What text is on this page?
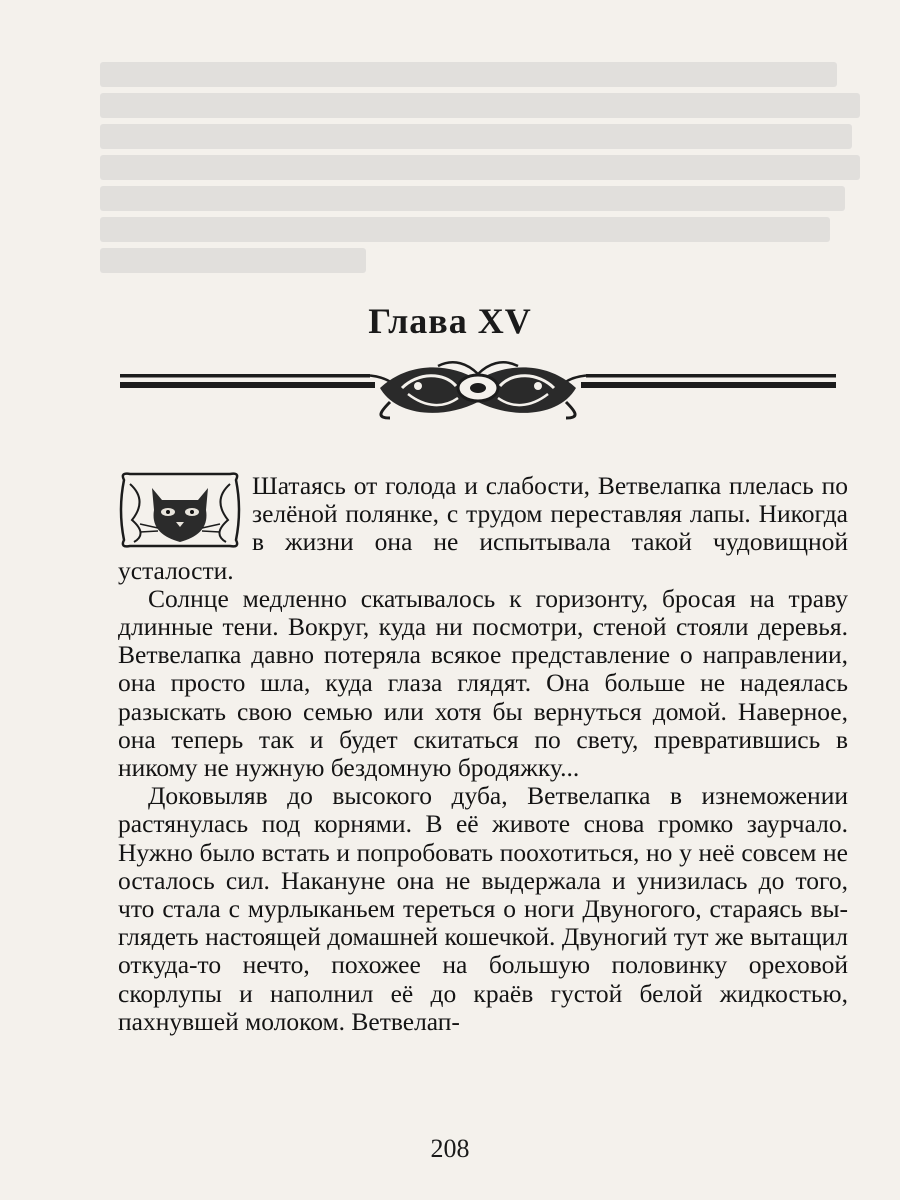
Глава XV

Шатаясь от голода и слабости, Ветвелапка плелась по зелёной полянке, с трудом переставляя лапы. Никогда в жизни она не испытывала такой чудовищной усталости.

Солнце медленно скатывалось к горизонту, бросая на траву длинные тени. Вокруг, куда ни посмотри, стеной стояли деревья. Ветвелапка давно потеряла всякое представление о направлении, она просто шла, куда глаза глядят. Она больше не надеялась разыскать свою семью или хотя бы вернуться домой. Наверное, она теперь так и будет скитаться по свету, превратившись в никому не нужную бездомную бродяжку...

Доковыляв до высокого дуба, Ветвелапка в изнеможении растянулась под корнями. В её животе снова громко заурчало. Нужно было встать и попробовать поохотиться, но у неё совсем не осталось сил. Накануне она не выдержала и унизилась до того, что стала с мурлыканьем тереться о ноги Двуногого, стараясь выглядеть настоящей домашней кошечкой. Двуногий тут же вытащил откуда-то нечто, похожее на большую половинку ореховой скорлупы и наполнил её до краёв густой белой жидкостью, пахнувшей молоком. Ветвелап-

208
